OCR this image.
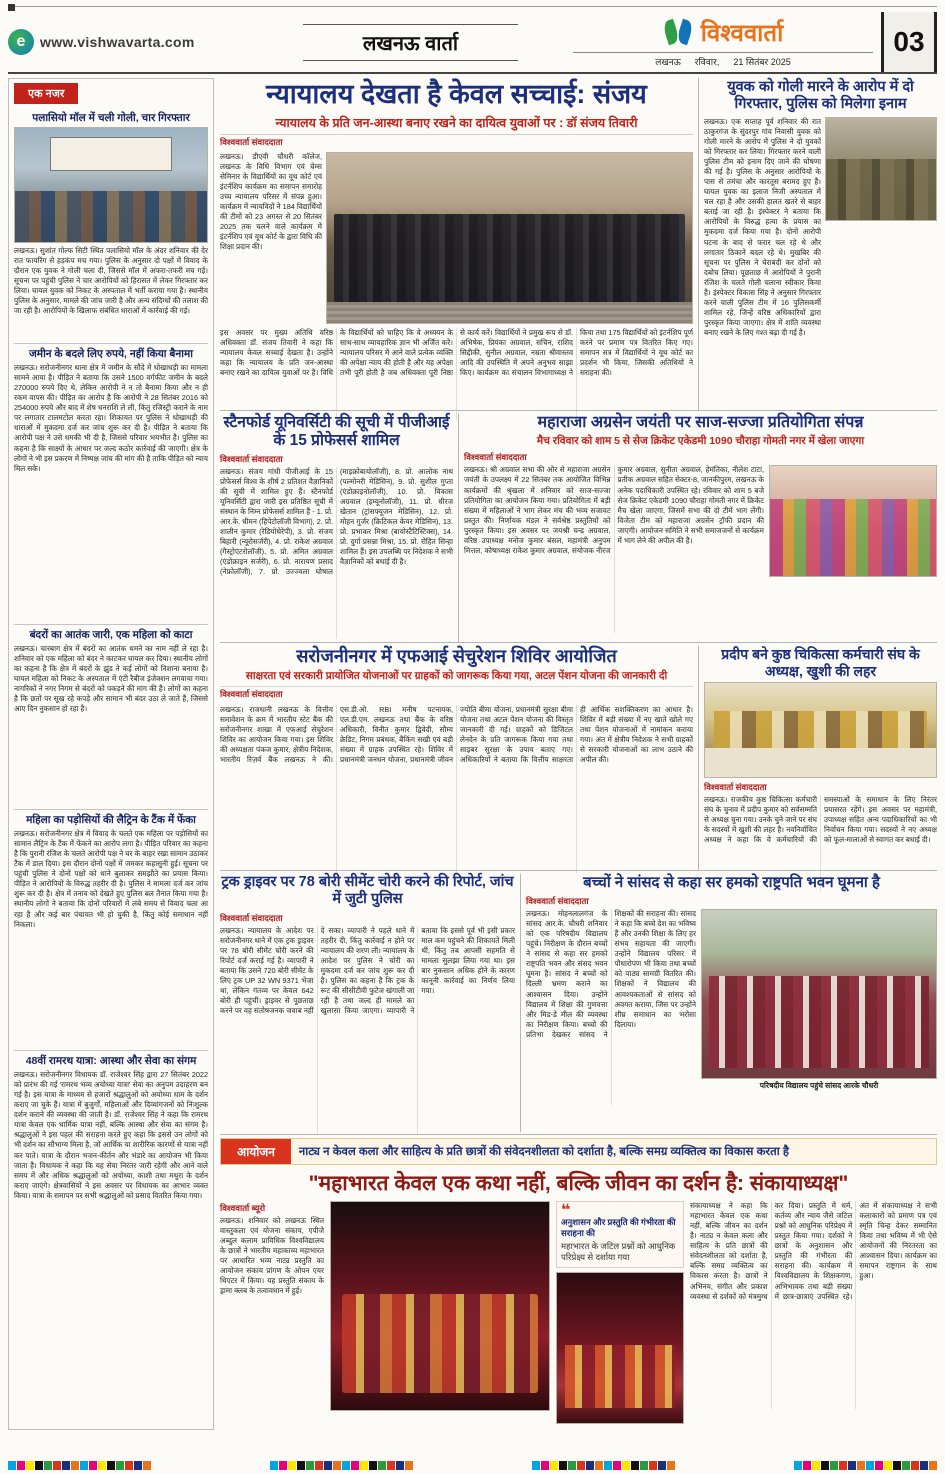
e	www.vishwavarta.com	लखनऊ वार्ता	विश्ववार्ता
लखनऊ रविवार, 21 सितंबर 2025
03
एक नजर
पलासियो मॉल में चली गोली, चार गिरफ्तार
लखनऊ। सुशांत गोल्फ सिटी स्थित पलासियो मॉल के अंदर शनिवार की देर रात फायरिंग से हड़कंप मच गया। पुलिस के अनुसार दो पक्षों में विवाद के दौरान एक युवक ने गोली चला दी, जिससे मॉल में अफरा-तफरी मच गई। सूचना पर पहुंची पुलिस ने चार आरोपियों को हिरासत में लेकर गिरफ्तार कर लिया। घायल युवक को निकट के अस्पताल में भर्ती कराया गया है। स्थानीय पुलिस के अनुसार, मामले की जांच जारी है और अन्य संदिग्धों की तलाश की जा रही है। आरोपियों के खिलाफ संबंधित धाराओं में कार्रवाई की गई।
जमीन के बदले लिए रुपये, नहीं किया बैनामा
लखनऊ। सरोजनीनगर थाना क्षेत्र में जमीन के सौदे में धोखाधड़ी का मामला सामने आया है। पीड़ित ने बताया कि उसने 1500 वर्गफीट जमीन के बदले 270000 रुपये दिए थे, लेकिन आरोपी ने न तो बैनामा किया और न ही रकम वापस की। पीड़ित का आरोप है कि आरोपी ने 28 सितंबर 2016 को 254000 रुपये और बाद में शेष धनराशि ले ली, किंतु रजिस्ट्री कराने के नाम पर लगातार टालमटोल करता रहा। शिकायत पर पुलिस ने धोखाधड़ी की धाराओं में मुकदमा दर्ज कर जांच शुरू कर दी है। पीड़ित ने बताया कि आरोपी पक्ष ने उसे धमकी भी दी है, जिससे परिवार भयभीत है। पुलिस का कहना है कि साक्ष्यों के आधार पर जल्द कठोर कार्रवाई की जाएगी। क्षेत्र के लोगों ने भी इस प्रकरण में निष्पक्ष जांच की मांग की है ताकि पीड़ित को न्याय मिल सके।
बंदरों का आतंक जारी, एक महिला को काटा
लखनऊ। चारबाग क्षेत्र में बंदरों का आतंक थमने का नाम नहीं ले रहा है। शनिवार को एक महिला को बंदर ने काटकर घायल कर दिया। स्थानीय लोगों का कहना है कि क्षेत्र में बंदरों के झुंड ने कई लोगों को निशाना बनाया है। घायल महिला को निकट के अस्पताल में एंटी रैबीज इंजेक्शन लगवाया गया। नागरिकों ने नगर निगम से बंदरों को पकड़ने की मांग की है। लोगों का कहना है कि छतों पर सूख रहे कपड़े और सामान भी बंदर उठा ले जाते हैं, जिससे आए दिन नुकसान हो रहा है।
महिला का पड़ोसियों की लैट्रिन के टैंक में फेंका
लखनऊ। सरोजनीनगर क्षेत्र में विवाद के चलते एक महिला पर पड़ोसियों का सामान लैट्रिन के टैंक में फेंकने का आरोप लगा है। पीड़ित परिवार का कहना है कि पुरानी रंजिश के चलते आरोपी पक्ष ने घर के बाहर रखा सामान उठाकर टैंक में डाल दिया। इस दौरान दोनों पक्षों में जमकर कहासुनी हुई। सूचना पर पहुंची पुलिस ने दोनों पक्षों को थाने बुलाकर समझौते का प्रयास किया। पीड़ित ने आरोपियों के विरुद्ध तहरीर दी है। पुलिस ने मामला दर्ज कर जांच शुरू कर दी है। क्षेत्र में तनाव को देखते हुए पुलिस बल तैनात किया गया है। स्थानीय लोगों ने बताया कि दोनों परिवारों में लंबे समय से विवाद चला आ रहा है और कई बार पंचायत भी हो चुकी है, किंतु कोई समाधान नहीं निकला।
48वीं रामरथ यात्रा: आस्था और सेवा का संगम
लखनऊ। सरोजनीनगर विधायक डॉ. राजेश्वर सिंह द्वारा 27 सितंबर 2022 को प्रारंभ की गई 'रामरथ भव्य अयोध्या यात्रा' सेवा का अनुपम उदाहरण बन गई है। इस यात्रा के माध्यम से हजारों श्रद्धालुओं को अयोध्या धाम के दर्शन कराए जा चुके हैं। यात्रा में बुजुर्गों, महिलाओं और दिव्यांगजनों को निःशुल्क दर्शन कराने की व्यवस्था की जाती है। डॉ. राजेश्वर सिंह ने कहा कि रामरथ यात्रा केवल एक धार्मिक यात्रा नहीं, बल्कि आस्था और सेवा का संगम है। श्रद्धालुओं ने इस पहल की सराहना करते हुए कहा कि इससे उन लोगों को भी दर्शन का सौभाग्य मिला है, जो आर्थिक या शारीरिक कारणों से यात्रा नहीं कर पाते। यात्रा के दौरान भजन-कीर्तन और भंडारे का आयोजन भी किया जाता है। विधायक ने कहा कि यह सेवा निरंतर जारी रहेगी और आने वाले समय में और अधिक श्रद्धालुओं को अयोध्या, काशी तथा मथुरा के दर्शन कराए जाएंगे। क्षेत्रवासियों ने इस अवसर पर विधायक का आभार व्यक्त किया। यात्रा के समापन पर सभी श्रद्धालुओं को प्रसाद वितरित किया गया।
न्यायालय देखता है केवल सच्चाई: संजय
न्यायालय के प्रति जन-आस्था बनाए रखने का दायित्व युवाओं पर : डॉ संजय तिवारी
विश्ववार्ता संवाददाता
लखनऊ। डीएवी चौधरी कॉलेज, लखनऊ के विधि विभाग एवं चेम्स सेमिनार के विद्यार्थियों का यूथ कोर्ट एवं इंटर्नशिप कार्यक्रम का समापन समारोह उच्च न्यायालय परिसर में संपन्न हुआ। कार्यक्रम में न्यायविदों ने 184 विद्यार्थियों की टीमों को 23 अगस्त से 20 सितंबर 2025 तक चलने वाले कार्यक्रम में इंटर्नशिप एवं यूथ कोर्ट के द्वारा विधि की शिक्षा प्रदान की।
इस अवसर पर मुख्य अतिथि वरिष्ठ अधिवक्ता डॉ. संजय तिवारी ने कहा कि न्यायालय केवल सच्चाई देखता है। उन्होंने कहा कि न्यायालय के प्रति जन-आस्था बनाए रखने का दायित्व युवाओं पर है। विधि के विद्यार्थियों को चाहिए कि वे अध्ययन के साथ-साथ व्यावहारिक ज्ञान भी अर्जित करें। न्यायालय परिसर में आने वाले प्रत्येक व्यक्ति की अपेक्षा न्याय की होती है और यह अपेक्षा तभी पूरी होती है जब अधिवक्ता पूरी निष्ठा से कार्य करें। विद्यार्थियों ने प्रमुख रूप से डॉ. अभिषेक, प्रियंका अग्रवाल, सचिन, राशिद सिद्दीकी, सुनील अग्रवाल, नम्रता श्रीवास्तव आदि की उपस्थिति में अपने अनुभव साझा किए। कार्यक्रम का संचालन विभागाध्यक्ष ने किया तथा 175 विद्यार्थियों को इंटर्नशिप पूर्ण करने पर प्रमाण पत्र वितरित किए गए। समापन सत्र में विद्यार्थियों ने यूथ कोर्ट का प्रदर्शन भी किया, जिसकी अतिथियों ने सराहना की।
युवक को गोली मारने के आरोप में दो गिरफ्तार, पुलिस को मिलेगा इनाम
लखनऊ। एक सप्ताह पूर्व शनिवार की रात ठाकुरगंज के सुंदरपुर गांव निवासी युवक को गोली मारने के आरोप में पुलिस ने दो युवकों को गिरफ्तार कर लिया। गिरफ्तार करने वाली पुलिस टीम को इनाम दिए जाने की घोषणा की गई है। पुलिस के अनुसार आरोपियों के पास से तमंचा और कारतूस बरामद हुए हैं। घायल युवक का इलाज निजी अस्पताल में चल रहा है और उसकी हालत खतरे से बाहर बताई जा रही है। इंस्पेक्टर ने बताया कि आरोपियों के विरुद्ध हत्या के प्रयास का मुकदमा दर्ज किया गया है। दोनों आरोपी घटना के बाद से फरार चल रहे थे और लगातार ठिकाने बदल रहे थे। मुखबिर की सूचना पर पुलिस ने घेराबंदी कर दोनों को दबोच लिया। पूछताछ में आरोपियों ने पुरानी रंजिश के चलते गोली चलाना स्वीकार किया है। इंस्पेक्टर विकास सिंह ने अनुसार गिरफ्तार करने वाली पुलिस टीम में 16 पुलिसकर्मी शामिल रहे, जिन्हें वरिष्ठ अधिकारियों द्वारा पुरस्कृत किया जाएगा। क्षेत्र में शांति व्यवस्था बनाए रखने के लिए गश्त बढ़ा दी गई है।
स्टैनफोर्ड यूनिवर्सिटी की सूची में पीजीआई के 15 प्रोफेसर्स शामिल
विश्ववार्ता संवाददाता
लखनऊ। संजय गांधी पीजीआई के 15 प्रोफेसर्स विश्व के शीर्ष 2 प्रतिशत वैज्ञानिकों की सूची में शामिल हुए हैं। स्टैनफोर्ड यूनिवर्सिटी द्वारा जारी इस प्रतिष्ठित सूची में संस्थान के निम्न प्रोफेसर्स शामिल हैं - 1. प्रो. आर.के. धीमन (हिपेटोलॉजी विभाग), 2. प्रो. शालीन कुमार (रेडियोथेरेपी), 3. प्रो. संजय बिहारी (न्यूरोसर्जरी), 4. प्रो. राकेश अग्रवाल (गैस्ट्रोएंटरोलॉजी), 5. प्रो. अमित अग्रवाल (एंडोक्राइन सर्जरी), 6. प्रो. नारायण प्रसाद (नेफ्रोलॉजी), 7. प्रो. उज्ज्वला घोषाल (माइक्रोबायोलॉजी), 8. प्रो. आलोक नाथ (पल्मोनरी मेडिसिन), 9. प्रो. सुशील गुप्ता (एंडोक्राइनोलॉजी), 10. प्रो. विकास अग्रवाल (इम्यूनोलॉजी), 11. प्रो. धीरज खेतान (ट्रांसफ्यूजन मेडिसिन), 12. प्रो. मोहन गुर्जर (क्रिटिकल केयर मेडिसिन), 13. प्रो. प्रभाकर मिश्रा (बायोस्टैटिस्टिक्स), 14. प्रो. दुर्गा प्रसन्ना मिश्रा, 15. प्रो. रोहित सिन्हा शामिल हैं। इस उपलब्धि पर निदेशक ने सभी वैज्ञानिकों को बधाई दी है।
महाराजा अग्रसेन जयंती पर साज-सज्जा प्रतियोगिता संपन्न
मैच रविवार को शाम 5 से सेज क्रिकेट एकेडमी 1090 चौराहा गोमती नगर में खेला जाएगा
विश्ववार्ता संवाददाता
लखनऊ। श्री अग्रवाल सभा की ओर से महाराजा अग्रसेन जयंती के उपलक्ष्य में 22 सितंबर तक आयोजित विभिन्न कार्यक्रमों की श्रृंखला में शनिवार को साज-सज्जा प्रतियोगिता का आयोजन किया गया। प्रतियोगिता में बड़ी संख्या में महिलाओं ने भाग लेकर मंच की भव्य सजावट प्रस्तुत की। निर्णायक मंडल ने सर्वश्रेष्ठ प्रस्तुतियों को पुरस्कृत किया। इस अवसर पर जयश्री चन्द्र अग्रवाल, वरिष्ठ उपाध्यक्ष मनोज कुमार बंसल, महामंत्री अनुपम मित्तल, कोषाध्यक्ष राकेश कुमार अग्रवाल, संयोजक नीरज कुमार अग्रवाल, सुनीता अग्रवाल, हेमंतिका, नीलेश टाटा, प्रतीक अग्रवाल सहित सेक्टर-8, जानकीपुरम, लखनऊ के अनेक पदाधिकारी उपस्थित रहे। रविवार को शाम 5 बजे सेज क्रिकेट एकेडमी 1090 चौराहा गोमती नगर में क्रिकेट मैच खेला जाएगा, जिसमें सभा की दो टीमें भाग लेंगी। विजेता टीम को महाराजा अग्रसेन ट्रॉफी प्रदान की जाएगी। आयोजन समिति ने सभी समाजजनों से कार्यक्रम में भाग लेने की अपील की है।
सरोजनीनगर में एफआई सेचुरेशन शिविर आयोजित
साक्षरता एवं सरकारी प्रायोजित योजनाओं पर ग्राहकों को जागरूक किया गया, अटल पेंशन योजना की जानकारी दी
विश्ववार्ता संवाददाता
लखनऊ। राजधानी लखनऊ के वित्तीय समावेशन के क्रम में भारतीय स्टेट बैंक की सरोजनीनगर शाखा में एफआई सेचुरेशन शिविर का आयोजन किया गया। इस शिविर की अध्यक्षता पंकज कुमार, क्षेत्रीय निदेशक, भारतीय रिज़र्व बैंक लखनऊ ने की। एस.डी.ओ. RBI मनीष पटनायक, एल.डी.एम. लखनऊ तथा बैंक के वरिष्ठ अधिकारी, विनीत कुमार द्विवेदी, सौम्य क्रेडिट, निगम प्रबंधक, बैंकिंग सखी एवं बड़ी संख्या में ग्राहक उपस्थित रहे। शिविर में प्रधानमंत्री जनधन योजना, प्रधानमंत्री जीवन ज्योति बीमा योजना, प्रधानमंत्री सुरक्षा बीमा योजना तथा अटल पेंशन योजना की विस्तृत जानकारी दी गई। ग्राहकों को डिजिटल लेनदेन के प्रति जागरूक किया गया तथा साइबर सुरक्षा के उपाय बताए गए। अधिकारियों ने बताया कि वित्तीय साक्षरता ही आर्थिक सशक्तिकरण का आधार है। शिविर में बड़ी संख्या में नए खाते खोले गए तथा पेंशन योजनाओं में नामांकन कराया गया। अंत में क्षेत्रीय निदेशक ने सभी ग्राहकों से सरकारी योजनाओं का लाभ उठाने की अपील की।
प्रदीप बने कुष्ठ चिकित्सा कर्मचारी संघ के अध्यक्ष, खुशी की लहर
विश्ववार्ता संवाददाता
लखनऊ। राजकीय कुष्ठ चिकित्सा कर्मचारी संघ के चुनाव में प्रदीप कुमार को सर्वसम्मति से अध्यक्ष चुना गया। उनके चुने जाने पर संघ के सदस्यों में खुशी की लहर है। नवनिर्वाचित अध्यक्ष ने कहा कि वे कर्मचारियों की समस्याओं के समाधान के लिए निरंतर प्रयासरत रहेंगे। इस अवसर पर महामंत्री, उपाध्यक्ष सहित अन्य पदाधिकारियों का भी निर्वाचन किया गया। सदस्यों ने नए अध्यक्ष को फूल-मालाओं से स्वागत कर बधाई दी।
ट्रक ड्राइवर पर 78 बोरी सीमेंट चोरी करने की रिपोर्ट, जांच में जुटी पुलिस
विश्ववार्ता संवाददाता
लखनऊ। न्यायालय के आदेश पर सरोजनीनगर थाने में एक ट्रक ड्राइवर पर 78 बोरी सीमेंट चोरी करने की रिपोर्ट दर्ज कराई गई है। व्यापारी ने बताया कि उसने 720 बोरी सीमेंट के लिए ट्रक UP 32 WN 9371 भेजा था, लेकिन गंतव्य पर केवल 642 बोरी ही पहुंचीं। ड्राइवर से पूछताछ करने पर वह संतोषजनक जवाब नहीं दे सका। व्यापारी ने पहले थाने में तहरीर दी, किंतु कार्रवाई न होने पर न्यायालय की शरण ली। न्यायालय के आदेश पर पुलिस ने चोरी का मुकदमा दर्ज कर जांच शुरू कर दी है। पुलिस का कहना है कि ट्रक के रूट की सीसीटीवी फुटेज खंगाली जा रही है तथा जल्द ही मामले का खुलासा किया जाएगा। व्यापारी ने बताया कि इससे पूर्व भी इसी प्रकार माल कम पहुंचने की शिकायतें मिली थीं, किंतु तब आपसी सहमति से मामला सुलझा लिया गया था। इस बार नुकसान अधिक होने के कारण कानूनी कार्रवाई का निर्णय लिया गया।
बच्चों ने सांसद से कहा सर हमको राष्ट्रपति भवन घूमना है
विश्ववार्ता संवाददाता
लखनऊ। मोहनलालगंज के सांसद आर.के. चौधरी शनिवार को एक परिषदीय विद्यालय पहुंचे। निरीक्षण के दौरान बच्चों ने सांसद से कहा सर हमको राष्ट्रपति भवन और संसद भवन घूमना है। सांसद ने बच्चों को दिल्ली भ्रमण कराने का आश्वासन दिया। उन्होंने विद्यालय में शिक्षा की गुणवत्ता और मिड-डे मील की व्यवस्था का निरीक्षण किया। बच्चों की प्रतिभा देखकर सांसद ने शिक्षकों की सराहना की। सांसद ने कहा कि बच्चे देश का भविष्य हैं और उनकी शिक्षा के लिए हर संभव सहायता की जाएगी। उन्होंने विद्यालय परिसर में पौधारोपण भी किया तथा बच्चों को पाठ्य सामग्री वितरित की। शिक्षकों ने विद्यालय की आवश्यकताओं से सांसद को अवगत कराया, जिस पर उन्होंने शीघ्र समाधान का भरोसा दिलाया।
परिषदीय विद्यालय पहुंचे सांसद आरके चौधरी
आयोजन	नाट्य न केवल कला और साहित्य के प्रति छात्रों की संवेदनशीलता को दर्शाता है, बल्कि समग्र व्यक्तित्व का विकास करता है
"महाभारत केवल एक कथा नहीं, बल्कि जीवन का दर्शन है: संकायाध्यक्ष"
विश्ववार्ता ब्यूरो
लखनऊ। शनिवार को लखनऊ स्थित वास्तुकला एवं योजना संकाय, एपीजे अब्दुल कलाम प्राविधिक विश्वविद्यालय के छात्रों ने भारतीय महाकाव्य महाभारत पर आधारित भव्य नाट्य प्रस्तुति का आयोजन संकाय प्रांगण के ओपन एयर थिएटर में किया। यह प्रस्तुति संकाय के ड्रामा क्लब के तत्वावधान में हुई।
❝
अनुशासन और प्रस्तुति की गंभीरता की सराहना की
महाभारत के जटिल प्रश्नों को आधुनिक परिप्रेक्ष्य से दर्शाया गया
संकायाध्यक्ष ने कहा कि महाभारत केवल एक कथा नहीं, बल्कि जीवन का दर्शन है। नाट्य न केवल कला और साहित्य के प्रति छात्रों की संवेदनशीलता को दर्शाता है, बल्कि समग्र व्यक्तित्व का विकास करता है। छात्रों ने अभिनय, संगीत और प्रकाश व्यवस्था से दर्शकों को मंत्रमुग्ध कर दिया। प्रस्तुति में धर्म, कर्तव्य और न्याय जैसे जटिल प्रश्नों को आधुनिक परिप्रेक्ष्य में प्रस्तुत किया गया। दर्शकों ने छात्रों के अनुशासन और प्रस्तुति की गंभीरता की सराहना की। कार्यक्रम में विश्वविद्यालय के शिक्षकगण, अभिभावक तथा बड़ी संख्या में छात्र-छात्राएं उपस्थित रहे। अंत में संकायाध्यक्ष ने सभी कलाकारों को प्रमाण पत्र एवं स्मृति चिन्ह देकर सम्मानित किया तथा भविष्य में भी ऐसे आयोजनों की निरंतरता का आश्वासन दिया। कार्यक्रम का समापन राष्ट्रगान के साथ हुआ।
